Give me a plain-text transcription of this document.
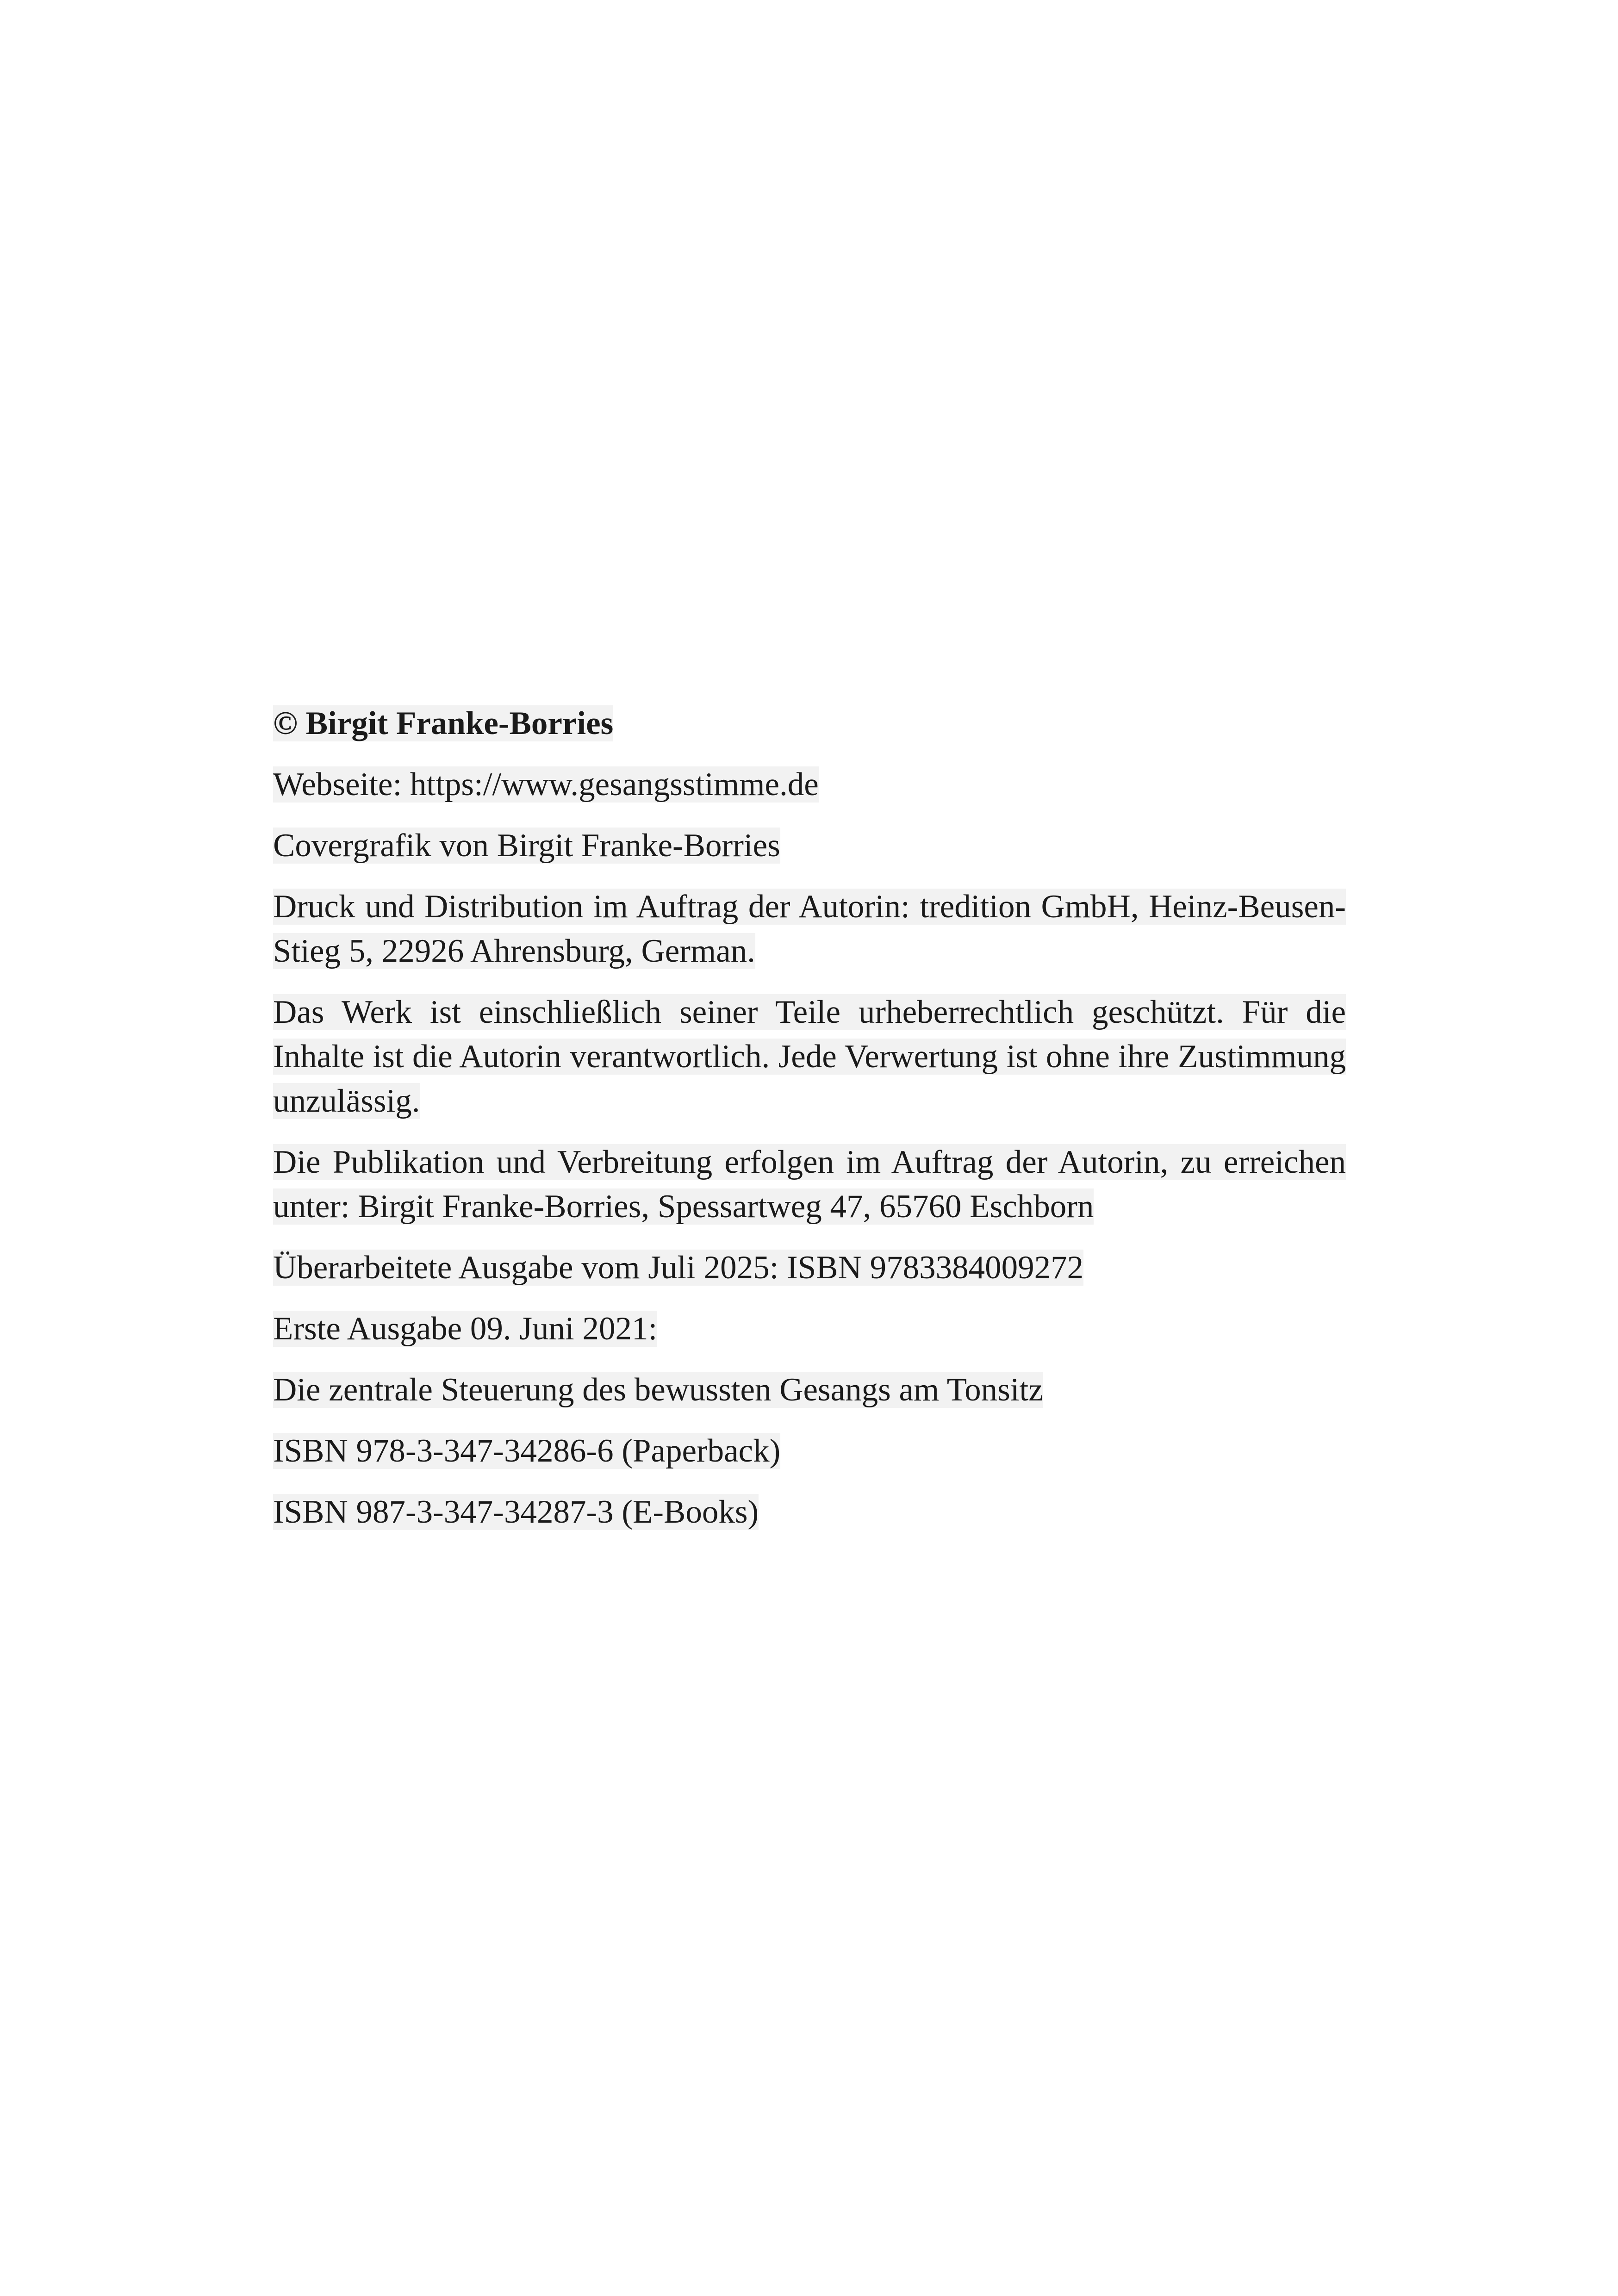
© Birgit Franke-Borries

Webseite: https://www.gesangsstimme.de

Covergrafik von Birgit Franke-Borries

Druck und Distribution im Auftrag der Autorin: tredition GmbH, Heinz-Beusen-Stieg 5, 22926 Ahrensburg, German.

Das Werk ist einschließlich seiner Teile urheberrechtlich geschützt. Für die Inhalte ist die Autorin verantwortlich. Jede Verwertung ist ohne ihre Zustimmung unzulässig.

Die Publikation und Verbreitung erfolgen im Auftrag der Autorin, zu erreichen unter: Birgit Franke-Borries, Spessartweg 47, 65760 Eschborn

Überarbeitete Ausgabe vom Juli 2025: ISBN 9783384009272

Erste Ausgabe 09. Juni 2021:

Die zentrale Steuerung des bewussten Gesangs am Tonsitz

ISBN 978-3-347-34286-6 (Paperback)

ISBN 987-3-347-34287-3 (E-Books)
